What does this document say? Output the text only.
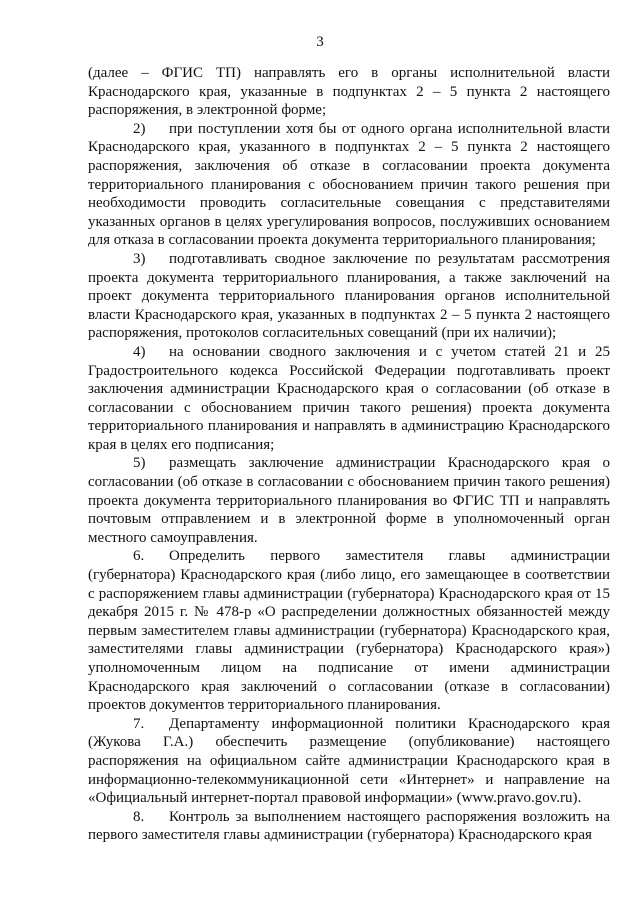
3

(далее – ФГИС ТП) направлять его в органы исполнительной власти Краснодарского края, указанные в подпунктах 2 – 5 пункта 2 настоящего распоряжения, в электронной форме;

2) при поступлении хотя бы от одного органа исполнительной власти Краснодарского края, указанного в подпунктах 2 – 5 пункта 2 настоящего распоряжения, заключения об отказе в согласовании проекта документа территориального планирования с обоснованием причин такого решения при необходимости проводить согласительные совещания с представителями указанных органов в целях урегулирования вопросов, послуживших основанием для отказа в согласовании проекта документа территориального планирования;

3) подготавливать сводное заключение по результатам рассмотрения проекта документа территориального планирования, а также заключений на проект документа территориального планирования органов исполнительной власти Краснодарского края, указанных в подпунктах 2 – 5 пункта 2 настоящего распоряжения, протоколов согласительных совещаний (при их наличии);

4) на основании сводного заключения и с учетом статей 21 и 25 Градостроительного кодекса Российской Федерации подготавливать проект заключения администрации Краснодарского края о согласовании (об отказе в согласовании с обоснованием причин такого решения) проекта документа территориального планирования и направлять в администрацию Краснодарского края в целях его подписания;

5) размещать заключение администрации Краснодарского края о согласовании (об отказе в согласовании с обоснованием причин такого решения) проекта документа территориального планирования во ФГИС ТП и направлять почтовым отправлением и в электронной форме в уполномоченный орган местного самоуправления.

6. Определить первого заместителя главы администрации (губернатора) Краснодарского края (либо лицо, его замещающее в соответствии с распоряжением главы администрации (губернатора) Краснодарского края от 15 декабря 2015 г. № 478-р «О распределении должностных обязанностей между первым заместителем главы администрации (губернатора) Краснодарского края, заместителями главы администрации (губернатора) Краснодарского края») уполномоченным лицом на подписание от имени администрации Краснодарского края заключений о согласовании (отказе в согласовании) проектов документов территориального планирования.

7. Департаменту информационной политики Краснодарского края (Жукова Г.А.) обеспечить размещение (опубликование) настоящего распоряжения на официальном сайте администрации Краснодарского края в информационно-телекоммуникационной сети «Интернет» и направление на «Официальный интернет-портал правовой информации» (www.pravo.gov.ru).

8. Контроль за выполнением настоящего распоряжения возложить на первого заместителя главы администрации (губернатора) Краснодарского края
